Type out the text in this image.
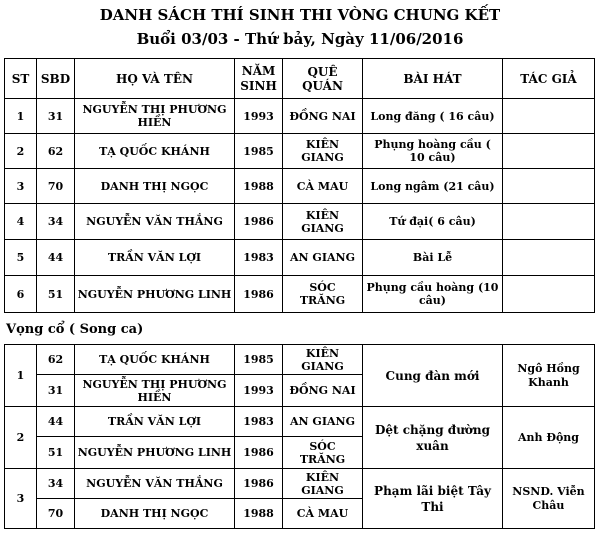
DANH SÁCH THÍ SINH THI VÒNG CHUNG KẾT
Buổi 03/03 - Thứ bảy, Ngày 11/06/2016
ST	SBD	HỌ VÀ TÊN	NĂM SINH	QUÊ QUÁN	BÀI HÁT	TÁC GIẢ
1	31	NGUYỄN THỊ PHƯƠNG HIỀN	1993	ĐỒNG NAI	Long đăng ( 16 câu)	
2	62	TẠ QUỐC KHÁNH	1985	KIÊN GIANG	Phụng hoàng cầu ( 10 câu)	
3	70	DANH THỊ NGỌC	1988	CÀ MAU	Long ngâm (21 câu)	
4	34	NGUYỄN VĂN THẮNG	1986	KIÊN GIANG	Tứ đại( 6 câu)	
5	44	TRẦN VĂN LỢI	1983	AN GIANG	Bài Lễ	
6	51	NGUYỄN PHƯƠNG LINH	1986	SÓC TRĂNG	Phụng cầu hoàng (10 câu)	
Vọng cổ ( Song ca)
1	62	TẠ QUỐC KHÁNH	1985	KIÊN GIANG	Cung đàn mới	Ngô Hồng Khanh
	31	NGUYỄN THỊ PHƯƠNG HIỀN	1993	ĐỒNG NAI		
2	44	TRẦN VĂN LỢI	1983	AN GIANG	Dệt chặng đường xuân	Anh Động
	51	NGUYỄN PHƯƠNG LINH	1986	SÓC TRĂNG		
3	34	NGUYỄN VĂN THẮNG	1986	KIÊN GIANG	Phạm lãi biệt Tây Thi	NSND. Viễn Châu
	70	DANH THỊ NGỌC	1988	CÀ MAU		
